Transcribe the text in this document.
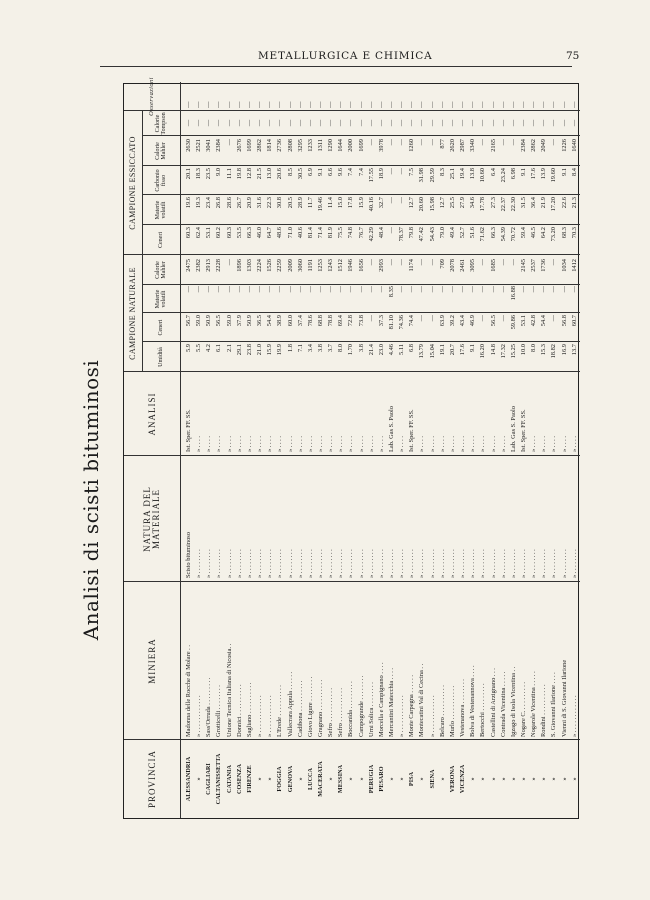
METALLURGICA E CHIMICA	75
Analisi di scisti bituminosi
PROVINCIA
MINIERA
NATURA DEL MATERIALE
ANALISI
CAMPIONE NATURALE
CAMPIONE ESSICCATO
Osservazioni
Umidità
Ceneri
Materie volatili
Calorie Mahler
Ceneri
Materie volatili
Carbonio fisso
Calorie Mahler
Calorie Tompson
ALESSANDRIA
Madonna delle Rocche di Molare . .
Scisto bituminoso
Ist. Sper. FF. SS.
5.9
56.7
—
2475
60.3
19.6
20.1
2630
—
—
»
» . . . . . . . . . . . .
» . . . . . . . .
» . . . .
5.5
59.0
—
2382
62.4
19.3
18.3
2521
—
—
CAGLIARI
Sass'Orruda . . . . . . . . .
» . . . . . . . .
» . . . .
4.2
50.9
—
2913
53.1
23.4
23.5
3041
—
—
CALTANISSETTA
Grotticelli . . . . . . . .
» . . . . . . . .
» . . . .
6.1
56.5
—
2228
60.2
26.8
9.0
2384
—
—
CATANIA
Unione Tecnica Italiana di Nicosia. .
» . . . . . . . .
» . . . .
2.1
59.0
—
—
60.3
28.6
11.1
—
—
—
COSENZA
Donnici . . . . . . . . . .
» . . . . . . . .
» . . . .
29.1
37.9
—
1896
53.5
26.7
19.8
2676
—
—
FIRENZE
Sagliano . . . . . . . . . .
» . . . . . . . .
» . . . .
23.8
50.9
—
1303
66.3
20.9
12.8
1699
—
—
»
» . . . . . . . . . . . .
» . . . . . . . .
» . . . .
21.0
36.5
—
2224
46.0
31.6
21.5
2862
—
—
»
» . . . . . . . . . . . .
» . . . . . . . .
» . . . .
15.9
54.4
—
1526
64.7
22.3
13.0
1814
—
—
FOGGIA
L'Erede . . . . . . . . . .
» . . . . . . . .
» . . . .
19.9
38.9
—
2259
48.6
30.8
20.6
2736
—
—
GENOVA
Vallecrara Appula . . . . . .
» . . . . . . . .
» . . . .
1.8
60.0
—
2009
71.0
20.5
8.5
2808
—
—
»
Cadibona . . . . . . . . . .
» . . . . . . . .
» . . . .
7.1
37.4
—
3060
40.6
28.9
30.5
3295
—
—
LUCCA
Giovo Ligure . . . . . . . .
» . . . . . . . .
» . . . .
3.4
78.6
—
1191
81.4
11.7
6.9
1233
—
—
MACERATA
Gragnano . . . . . . . . . .
» . . . . . . . .
» . . . .
3.8
68.8
—
1253
71.4
19.46
9.1
1311
—
—
»
Sefro . . . . . . . . . . .
» . . . . . . . .
» . . . .
3.7
78.8
—
1243
81.9
11.4
6.6
1290
—
—
MESSINA
Sefro . . . . . . . . . . .
» . . . . . . . .
» . . . .
8.0
69.4
—
1512
75.5
15.0
9.6
1644
—
—
»
Boccanida . . . . . . . . .
» . . . . . . . .
» . . . .
1.70
72.8
—
1946
74.8
17.8
7.4
2000
—
—
»
Campogrande . . . . . . . .
» . . . . . . . .
» . . . .
3.8
73.8
—
1656
76.7
15.9
7.4
1699
—
—
PERUGIA
Urni Solica . . . . . . . .
» . . . . . . . .
» . . . .
21.4
—
—
—
42.29
40.16
17.55
—
—
—
PESARO
Morcella e Campignano . . . .
» . . . . . . . .
» . . . .
23.0
37.3
—
2993
48.4
32.7
18.9
3978
—
—
»
Mercantini Matecchia . . . .
» . . . . . . . .
Lab. Gas S. Paolo
4.46
81.10
8.35
—
—
—
—
—
—
—
»
» . . . . . . . . . . . .
» . . . . . . . .
» . . . .
5.11
74.36
—
—
78.37
—
—
—
—
—
PISA
Monte Carpegna . . . . . .
» . . . . . . . .
Ist. Sper. FF. SS.
6.8
74.4
—
1174
79.8
12.7
7.5
1260
—
—
»
Montecatini Val di Cecina . .
» . . . . . . . .
» . . . .
13.79
—
—
—
47.42
20.60
31.98
—
—
—
SIENA
» . . . . . . . . . . . .
» . . . . . . . .
» . . . .
15.04
—
—
—
54.43
15.98
29.59
—
—
—
»
Belcaro . . . . . . . . . .
» . . . . . . . .
» . . . .
19.1
63.9
—
709
79.0
12.7
8.3
877
—
—
VERONA
Murlo . . . . . . . . . . .
» . . . . . . . .
» . . . .
20.7
39.2
—
2078
49.4
25.5
25.1
2620
—
—
VICENZA
Vestenanova . . . . . . . .
» . . . . . . . .
» . . . .
17.6
43.4
—
2461
52.7
27.9
19.4
2987
—
—
»
Bolva di Vestenannova . . . .
» . . . . . . . .
» . . . .
9.1
46.9
—
3095
51.6
34.6
13.8
3340
—
—
»
Bertocchi . . . . . . . . .
» . . . . . . . .
» . . . .
16.20
—
—
—
71.62
17.78
10.60
—
—
—
»
Castellini di Arzignano . . .
» . . . . . . . .
» . . . .
14.8
56.5
—
1685
66.3
27.3
6.4
2165
—
—
»
Contrada Vicentina . . . . .
» . . . . . . . .
» . . . .
17.32
—
—
—
54.39
22.37
23.24
—
—
—
»
Igzago di Isola Vicentina . .
» . . . . . . . .
Lab. Gas S. Paolo
15.25
59.86
16.88
—
70.72
22.30
6.98
—
—
—
»
Nogare C. . . . . . . . . .
» . . . . . . . .
Ist. Sper. FF. SS.
10.0
53.1
—
2145
59.4
31.5
9.1
2384
—
—
»
Nogarole Vicentina . . . . .
» . . . . . . . .
» . . . .
8.0
42.8
—
2537
46.5
36.4
17.6
2862
—
—
»
Rondini . . . . . . . . . .
» . . . . . . . .
» . . . .
15.3
54.4
—
1736
64.2
21.9
13.9
2049
—
—
»
S. Giovanni Ilarione . . . .
» . . . . . . . .
» . . . .
18.82
—
—
—
73.20
17.20
19.60
—
—
—
»
Vienni di S. Giovanni Ilarione
» . . . . . . . .
» . . . .
16.9
56.8
—
1034
68.3
22.6
9.1
1226
—
—
»
» . . . . . . . . . . . .
» . . . . . . . .
» . . . .
13.7
60.7
—
1412
70.3
21.3
8.4
1640
—
—
